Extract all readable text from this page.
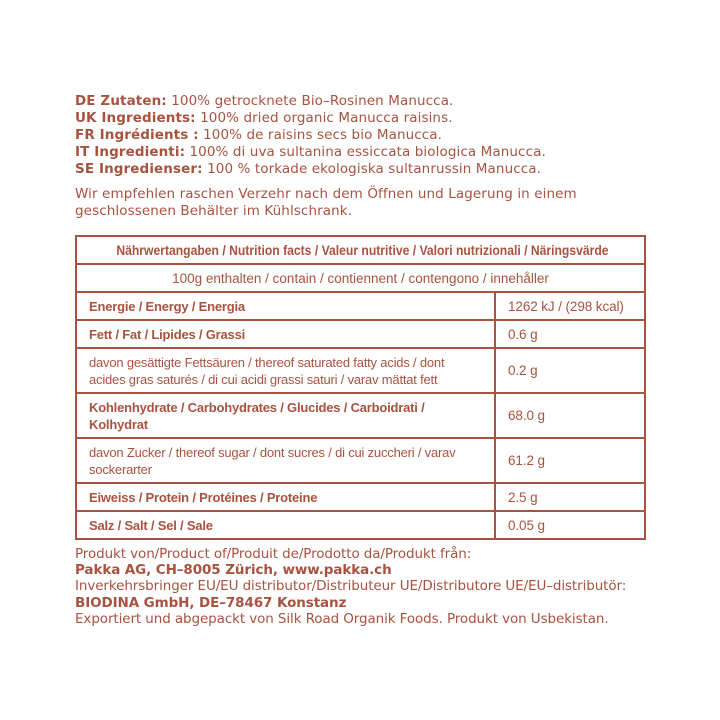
DE Zutaten: 100% getrocknete Bio–Rosinen Manucca.
UK Ingredients: 100% dried organic Manucca raisins.
FR Ingrédients : 100% de raisins secs bio Manucca.
IT Ingredienti: 100% di uva sultanina essiccata biologica Manucca.
SE Ingredienser: 100 % torkade ekologiska sultanrussin Manucca.
Wir empfehlen raschen Verzehr nach dem Öffnen und Lagerung in einem geschlossenen Behälter im Kühlschrank.
Nährwertangaben / Nutrition facts / Valeur nutritive / Valori nutrizionali / Näringsvärde	
100g enthalten / contain / contiennent / contengono / innehåller	
Energie / Energy / Energia	1262 kJ / (298 kcal)
Fett / Fat / Lipides / Grassi	0.6 g
davon gesättigte Fettsäuren / thereof saturated fatty acids / dont acides gras saturés / di cui acidi grassi saturi / varav mättat fett	0.2 g
Kohlenhydrate / Carbohydrates / Glucides / Carboidrati / Kolhydrat	68.0 g
davon Zucker / thereof sugar / dont sucres / di cui zuccheri / varav sockerarter	61.2 g
Eiweiss / Protein / Protéines / Proteine	2.5 g
Salz / Salt / Sel / Sale	0.05 g
Produkt von/Product of/Produit de/Prodotto da/Produkt från:
Pakka AG, CH–8005 Zürich, www.pakka.ch
Inverkehrsbringer EU/EU distributor/Distributeur UE/Distributore UE/EU–distributör:
BIODINA GmbH, DE–78467 Konstanz
Exportiert und abgepackt von Silk Road Organik Foods. Produkt von Usbekistan.
